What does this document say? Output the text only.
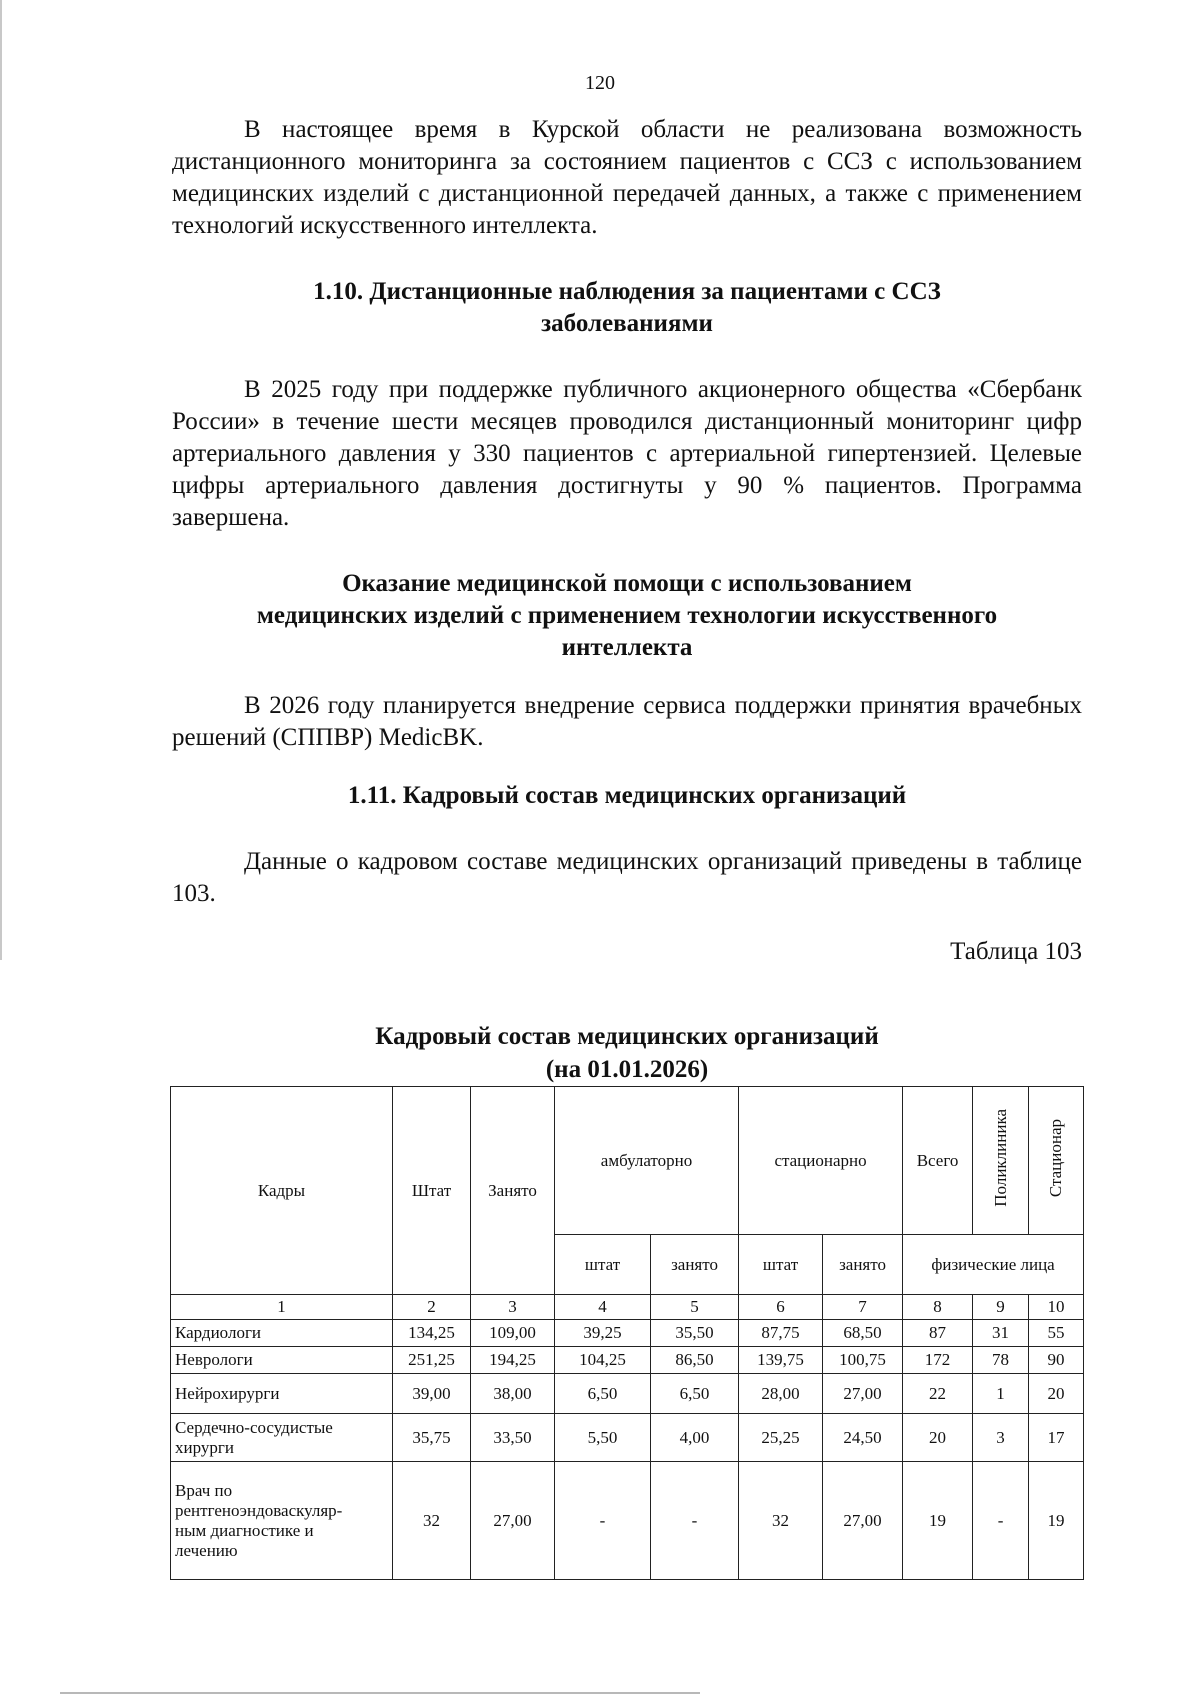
120

В настоящее время в Курской области не реализована возможность дистанционного мониторинга за состоянием пациентов с ССЗ с использованием медицинских изделий с дистанционной передачей данных, а также с применением технологий искусственного интеллекта.

1.10. Дистанционные наблюдения за пациентами с ССЗ
заболеваниями

В 2025 году при поддержке публичного акционерного общества «Сбербанк России» в течение шести месяцев проводился дистанционный мониторинг цифр артериального давления у 330 пациентов с артериальной гипертензией. Целевые цифры артериального давления достигнуты у 90 % пациентов. Программа завершена.

Оказание медицинской помощи с использованием
медицинских изделий с применением технологии искусственного
интеллекта

В 2026 году планируется внедрение сервиса поддержки принятия врачебных решений (СППВР) MedicBK.

1.11. Кадровый состав медицинских организаций

Данные о кадровом составе медицинских организаций приведены в таблице 103.

Таблица 103

Кадровый состав медицинских организаций
(на 01.01.2026)

Кадры	Штат	Занято	амбулаторно		стационарно		Всего	Поликлиника	Стационар
			штат	занято	штат	занято	физические лица		
1	2	3	4	5	6	7	8	9	10
Кардиологи	134,25	109,00	39,25	35,50	87,75	68,50	87	31	55
Неврологи	251,25	194,25	104,25	86,50	139,75	100,75	172	78	90
Нейрохирурги	39,00	38,00	6,50	6,50	28,00	27,00	22	1	20
Сердечно-сосудистые
хирурги	35,75	33,50	5,50	4,00	25,25	24,50	20	3	17
Врач по
рентгеноэндоваскуляр-
ным диагностике и
лечению	32	27,00	-	-	32	27,00	19	-	19
